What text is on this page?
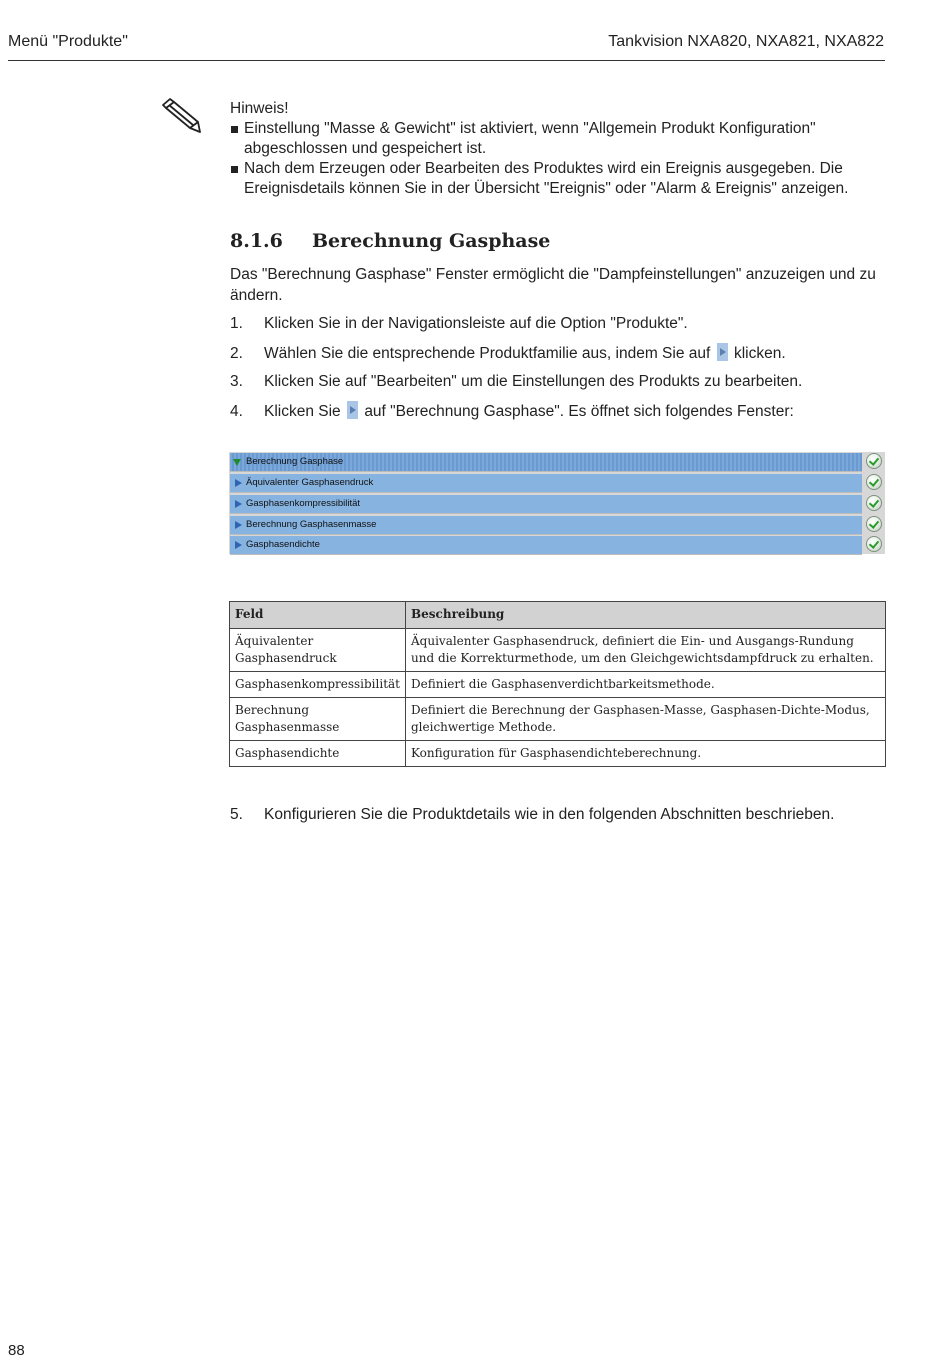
Menü "Produkte"	Tankvision NXA820, NXA821, NXA822
Hinweis!
Einstellung "Masse & Gewicht" ist aktiviert, wenn "Allgemein Produkt Konfiguration" abgeschlossen und gespeichert ist.
Nach dem Erzeugen oder Bearbeiten des Produktes wird ein Ereignis ausgegeben. Die Ereignisdetails können Sie in der Übersicht "Ereignis" oder "Alarm & Ereignis" anzeigen.
8.1.6 Berechnung Gasphase
Das "Berechnung Gasphase" Fenster ermöglicht die "Dampfeinstellungen" anzuzeigen und zu ändern.
1. Klicken Sie in der Navigationsleiste auf die Option "Produkte".
2. Wählen Sie die entsprechende Produktfamilie aus, indem Sie auf klicken.
3. Klicken Sie auf "Bearbeiten" um die Einstellungen des Produkts zu bearbeiten.
4. Klicken Sie auf "Berechnung Gasphase". Es öffnet sich folgendes Fenster:
Berechnung Gasphase
Äquivalenter Gasphasendruck
Gasphasenkompressibilität
Berechnung Gasphasenmasse
Gasphasendichte
Feld	Beschreibung
Äquivalenter Gasphasendruck	Äquivalenter Gasphasendruck, definiert die Ein- und Ausgangs-Rundung und die Korrekturmethode, um den Gleichgewichtsdampfdruck zu erhalten.
Gasphasenkompressibilität	Definiert die Gasphasenverdichtbarkeitsmethode.
Berechnung Gasphasenmasse	Definiert die Berechnung der Gasphasen-Masse, Gasphasen-Dichte-Modus, gleichwertige Methode.
Gasphasendichte	Konfiguration für Gasphasendichteberechnung.
5. Konfigurieren Sie die Produktdetails wie in den folgenden Abschnitten beschrieben.
88
